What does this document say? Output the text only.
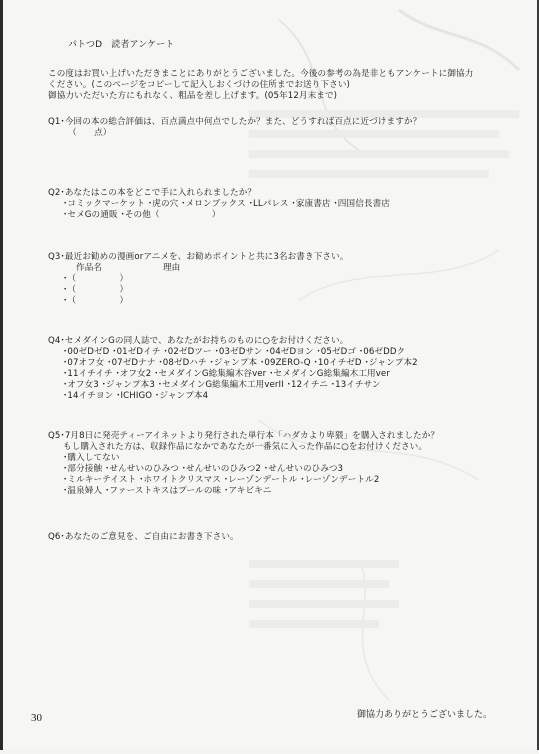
パトつD　読者アンケート
この度はお買い上げいただきまことにありがとうございました。今後の参考の為是非ともアンケートに御協力
ください。(このページをコピーして記入しおくづけの住所までお送り下さい)
御協力いただいた方にもれなく、粗品を差し上げます。(05年12月末まで)
Q1･今回の本の総合評価は、百点満点中何点でしたか？また、どうすれば百点に近づけますか？
（　　点）
Q2･あなたはこの本をどこで手に入れられましたか？
･コミックマーケット ･虎の穴 ･メロンブックス ･LLパレス ･家康書店 ･四国信長書店
･セメGの通販 ･その他（　　　　　　）
Q3･最近お勧めの漫画orアニメを、お勧めポイントと共に3名お書き下さい。
作品名　　　　　　　理由
･（　　　　　）
･（　　　　　）
･（　　　　　）
Q4･セメダインGの同人誌で、あなたがお持ちのものに○をお付けください。
･00ゼDゼD ･01ゼDイチ ･02ゼDツー ･03ゼDサン ･04ゼDヨン ･05ゼDゴ ･06ゼDDク
･07オフ女 ･07ゼDナナ ･08ゼDハチ ･ジャンプ本 ･09ZERO-Q ･10イチゼD ･ジャンプ本2
･11イチイチ ･オフ女2 ･セメダインG総集編木谷ver ･セメダインG総集編木工用ver
･オフ女3 ･ジャンプ本3 ･セメダインG総集編木工用verII ･12イチニ ･13イチサン
･14イチヨン ･ICHIGO ･ジャンプ本4
Q5･7月8日に発売ティーアイネットより発行された単行本「ハダカより卑猥」を購入されましたか？
もし購入された方は、収録作品になかであなたが一番気に入った作品に○をお付けください。
･購入してない
･部分接触 ･せんせいのひみつ ･せんせいのひみつ2 ･せんせいのひみつ3
･ミルキーテイスト ･ホワイトクリスマス ･レーゾンデートル ･レーゾンデートル2
･温泉婦人 ･ファーストキスはプールの味 ･アキビキニ
Q6･あなたのご意見を、ご自由にお書き下さい。
30	御協力ありがとうございました。
